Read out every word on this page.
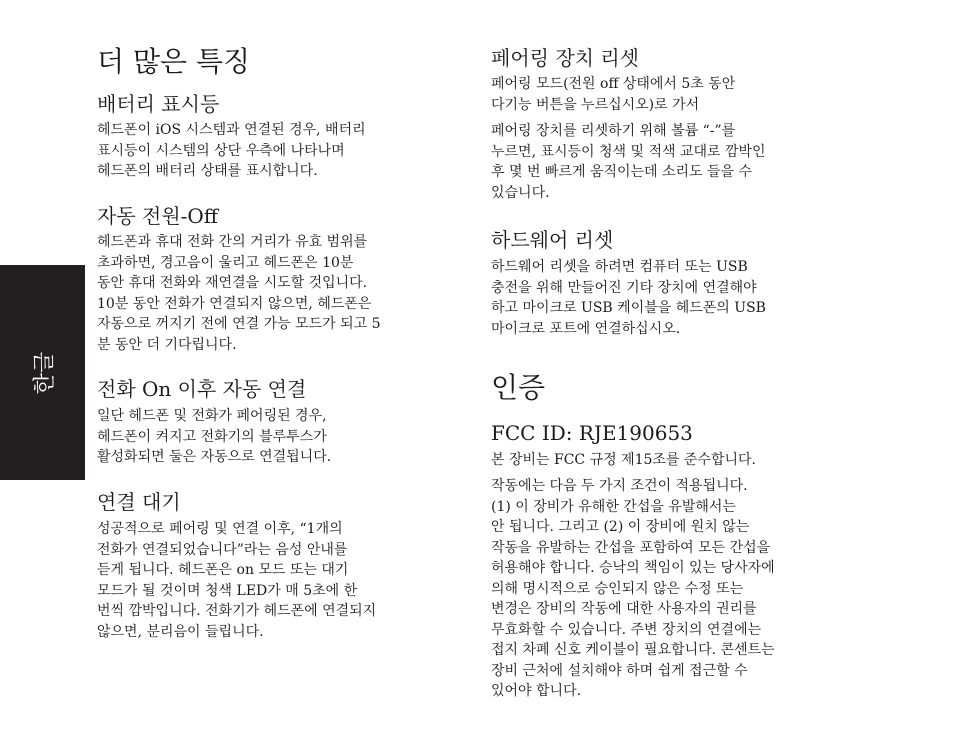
한글
더 많은 특징
배터리 표시등

헤드폰이 iOS 시스템과 연결된 경우, 배터리
표시등이 시스템의 상단 우측에 나타나며
헤드폰의 배터리 상태를 표시합니다.

자동 전원-Off

헤드폰과 휴대 전화 간의 거리가 유효 범위를
초과하면, 경고음이 울리고 헤드폰은 10분
동안 휴대 전화와 재연결을 시도할 것입니다.
10분 동안 전화가 연결되지 않으면, 헤드폰은
자동으로 꺼지기 전에 연결 가능 모드가 되고 5
분 동안 더 기다립니다.

전화 On 이후 자동 연결

일단 헤드폰 및 전화가 페어링된 경우,
헤드폰이 켜지고 전화기의 블루투스가
활성화되면 둘은 자동으로 연결됩니다.

연결 대기

성공적으로 페어링 및 연결 이후, “1개의
전화가 연결되었습니다”라는 음성 안내를
듣게 됩니다. 헤드폰은 on 모드 또는 대기
모드가 될 것이며 청색 LED가 매 5초에 한
번씩 깜박입니다. 전화기가 헤드폰에 연결되지
않으면, 분리음이 들립니다.

페어링 장치 리셋

페어링 모드(전원 off 상태에서 5초 동안
다기능 버튼을 누르십시오)로 가서

페어링 장치를 리셋하기 위해 볼륨 “-”를
누르면, 표시등이 청색 및 적색 교대로 깜박인
후 몇 번 빠르게 움직이는데 소리도 들을 수
있습니다.

하드웨어 리셋

하드웨어 리셋을 하려면 컴퓨터 또는 USB
충전을 위해 만들어진 기타 장치에 연결해야
하고 마이크로 USB 케이블을 헤드폰의 USB
마이크로 포트에 연결하십시오.

인증
FCC ID: RJE190653

본 장비는 FCC 규정 제15조를 준수합니다.

작동에는 다음 두 가지 조건이 적용됩니다.
(1) 이 장비가 유해한 간섭을 유발해서는
안 됩니다. 그리고 (2) 이 장비에 원치 않는
작동을 유발하는 간섭을 포함하여 모든 간섭을
허용해야 합니다. 승낙의 책임이 있는 당사자에
의해 명시적으로 승인되지 않은 수정 또는
변경은 장비의 작동에 대한 사용자의 권리를
무효화할 수 있습니다. 주변 장치의 연결에는
접지 차폐 신호 케이블이 필요합니다. 콘센트는
장비 근처에 설치해야 하며 쉽게 접근할 수
있어야 합니다.
